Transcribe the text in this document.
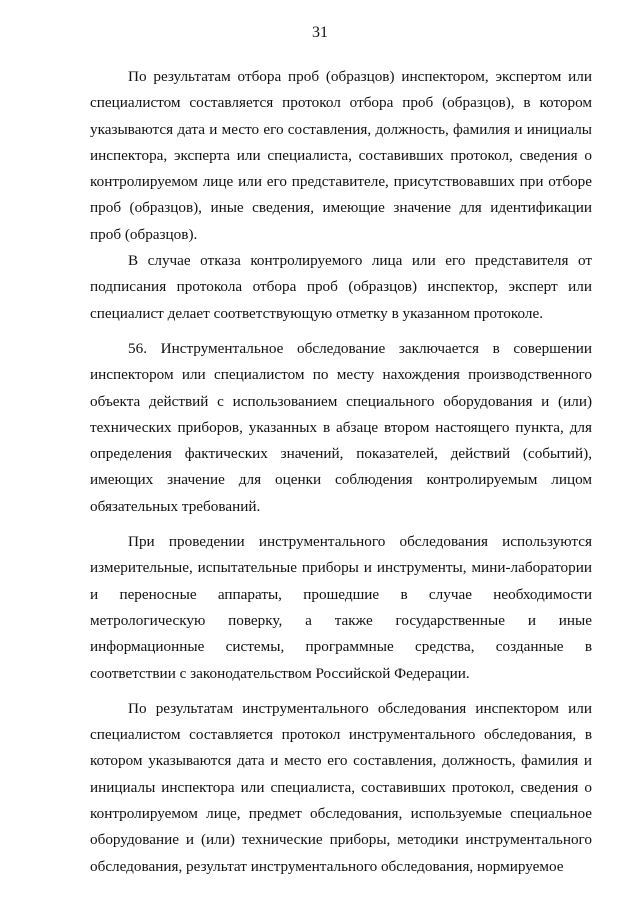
31

По результатам отбора проб (образцов) инспектором, экспертом или специалистом составляется протокол отбора проб (образцов), в котором указываются дата и место его составления, должность, фамилия и инициалы инспектора, эксперта или специалиста, составивших протокол, сведения о контролируемом лице или его представителе, присутствовавших при отборе проб (образцов), иные сведения, имеющие значение для идентификации проб (образцов).

В случае отказа контролируемого лица или его представителя от подписания протокола отбора проб (образцов) инспектор, эксперт или специалист делает соответствующую отметку в указанном протоколе.

56. Инструментальное обследование заключается в совершении инспектором или специалистом по месту нахождения производственного объекта действий с использованием специального оборудования и (или) технических приборов, указанных в абзаце втором настоящего пункта, для определения фактических значений, показателей, действий (событий), имеющих значение для оценки соблюдения контролируемым лицом обязательных требований.

При проведении инструментального обследования используются измерительные, испытательные приборы и инструменты, мини-лаборатории и переносные аппараты, прошедшие в случае необходимости метрологическую поверку, а также государственные и иные информационные системы, программные средства, созданные в соответствии с законодательством Российской Федерации.

По результатам инструментального обследования инспектором или специалистом составляется протокол инструментального обследования, в котором указываются дата и место его составления, должность, фамилия и инициалы инспектора или специалиста, составивших протокол, сведения о контролируемом лице, предмет обследования, используемые специальное оборудование и (или) технические приборы, методики инструментального обследования, результат инструментального обследования, нормируемое
